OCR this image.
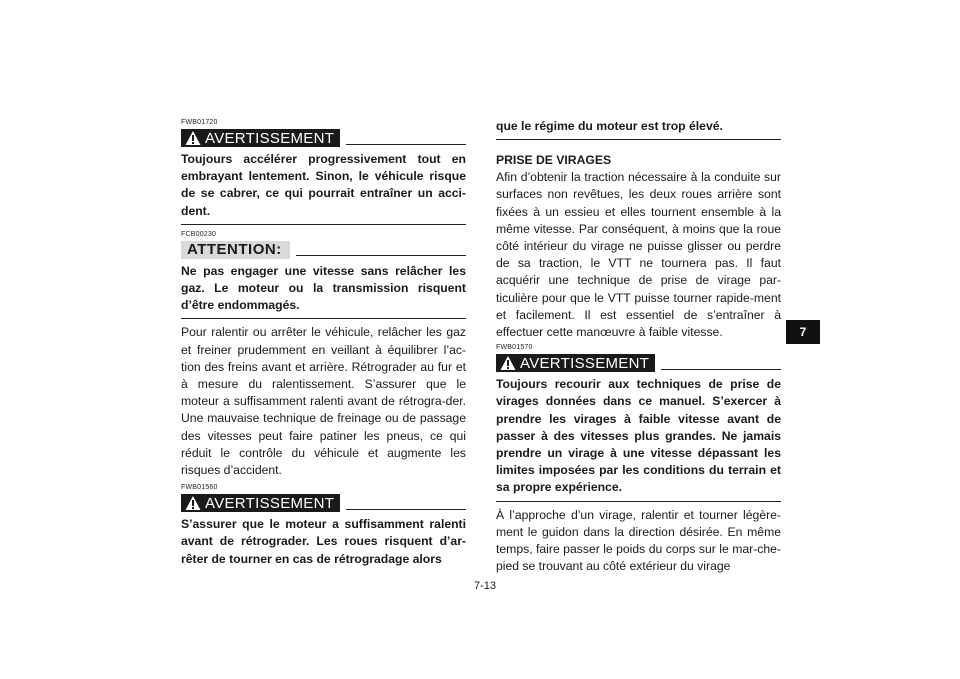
FWB01720
AVERTISSEMENT

Toujours accélérer progressivement tout en embrayant lentement. Sinon, le véhicule risque de se cabrer, ce qui pourrait entraîner un acci-dent.

FCB00230
ATTENTION:

Ne pas engager une vitesse sans relâcher les gaz. Le moteur ou la transmission risquent d’être endommagés.

Pour ralentir ou arrêter le véhicule, relâcher les gaz et freiner prudemment en veillant à équilibrer l’ac-tion des freins avant et arrière. Rétrograder au fur et à mesure du ralentissement. S’assurer que le moteur a suffisamment ralenti avant de rétrogra-der. Une mauvaise technique de freinage ou de passage des vitesses peut faire patiner les pneus, ce qui réduit le contrôle du véhicule et augmente les risques d’accident.

FWB01560
AVERTISSEMENT

S’assurer que le moteur a suffisamment ralenti avant de rétrograder. Les roues risquent d’ar-rêter de tourner en cas de rétrogradage alors

que le régime du moteur est trop élevé.

PRISE DE VIRAGES

Afin d’obtenir la traction nécessaire à la conduite sur surfaces non revêtues, les deux roues arrière sont fixées à un essieu et elles tournent ensemble à la même vitesse. Par conséquent, à moins que la roue côté intérieur du virage ne puisse glisser ou perdre de sa traction, le VTT ne tournera pas. Il faut acquérir une technique de prise de virage par-ticulière pour que le VTT puisse tourner rapide-ment et facilement. Il est essentiel de s’entraîner à effectuer cette manœuvre à faible vitesse.

FWB01570
AVERTISSEMENT

Toujours recourir aux techniques de prise de virages données dans ce manuel. S’exercer à prendre les virages à faible vitesse avant de passer à des vitesses plus grandes. Ne jamais prendre un virage à une vitesse dépassant les limites imposées par les conditions du terrain et sa propre expérience.

À l’approche d’un virage, ralentir et tourner légère-ment le guidon dans la direction désirée. En même temps, faire passer le poids du corps sur le mar-che-pied se trouvant au côté extérieur du virage

7-13
7
